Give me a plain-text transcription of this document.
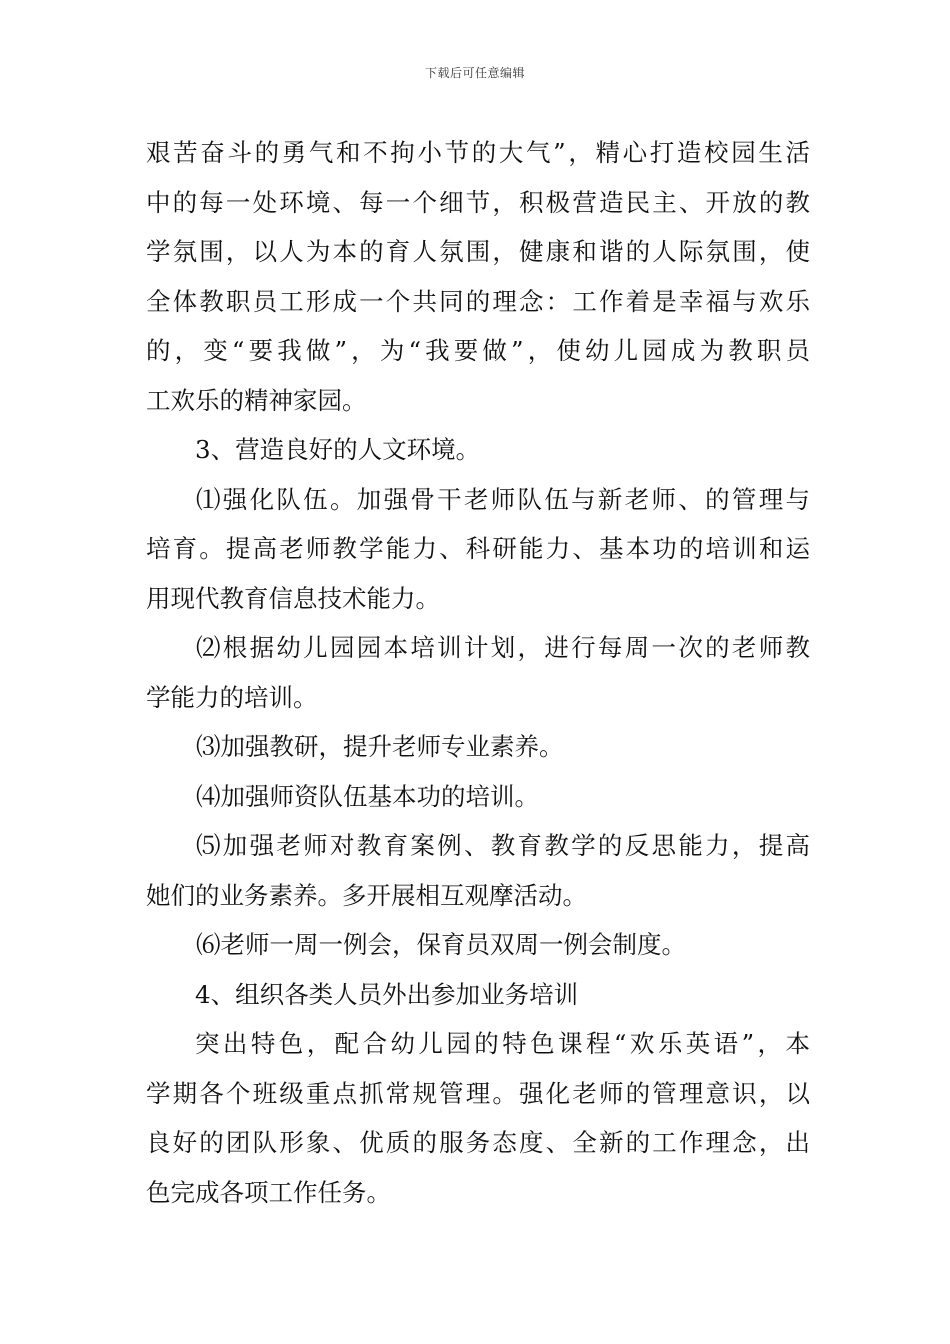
下载后可任意编辑
艰苦奋斗的勇气和不拘小节的大气”，精心打造校园生活
中的每一处环境、每一个细节，积极营造民主、开放的教
学氛围，以人为本的育人氛围，健康和谐的人际氛围，使
全体教职员工形成一个共同的理念：工作着是幸福与欢乐
的，变“要我做”，为“我要做”，使幼儿园成为教职员
工欢乐的精神家园。
3、营造良好的人文环境。
⑴强化队伍。加强骨干老师队伍与新老师、的管理与
培育。提高老师教学能力、科研能力、基本功的培训和运
用现代教育信息技术能力。
⑵根据幼儿园园本培训计划，进行每周一次的老师教
学能力的培训。
⑶加强教研，提升老师专业素养。
⑷加强师资队伍基本功的培训。
⑸加强老师对教育案例、教育教学的反思能力，提高
她们的业务素养。多开展相互观摩活动。
⑹老师一周一例会，保育员双周一例会制度。
4、组织各类人员外出参加业务培训
突出特色，配合幼儿园的特色课程“欢乐英语”，本
学期各个班级重点抓常规管理。强化老师的管理意识，以
良好的团队形象、优质的服务态度、全新的工作理念，出
色完成各项工作任务。
